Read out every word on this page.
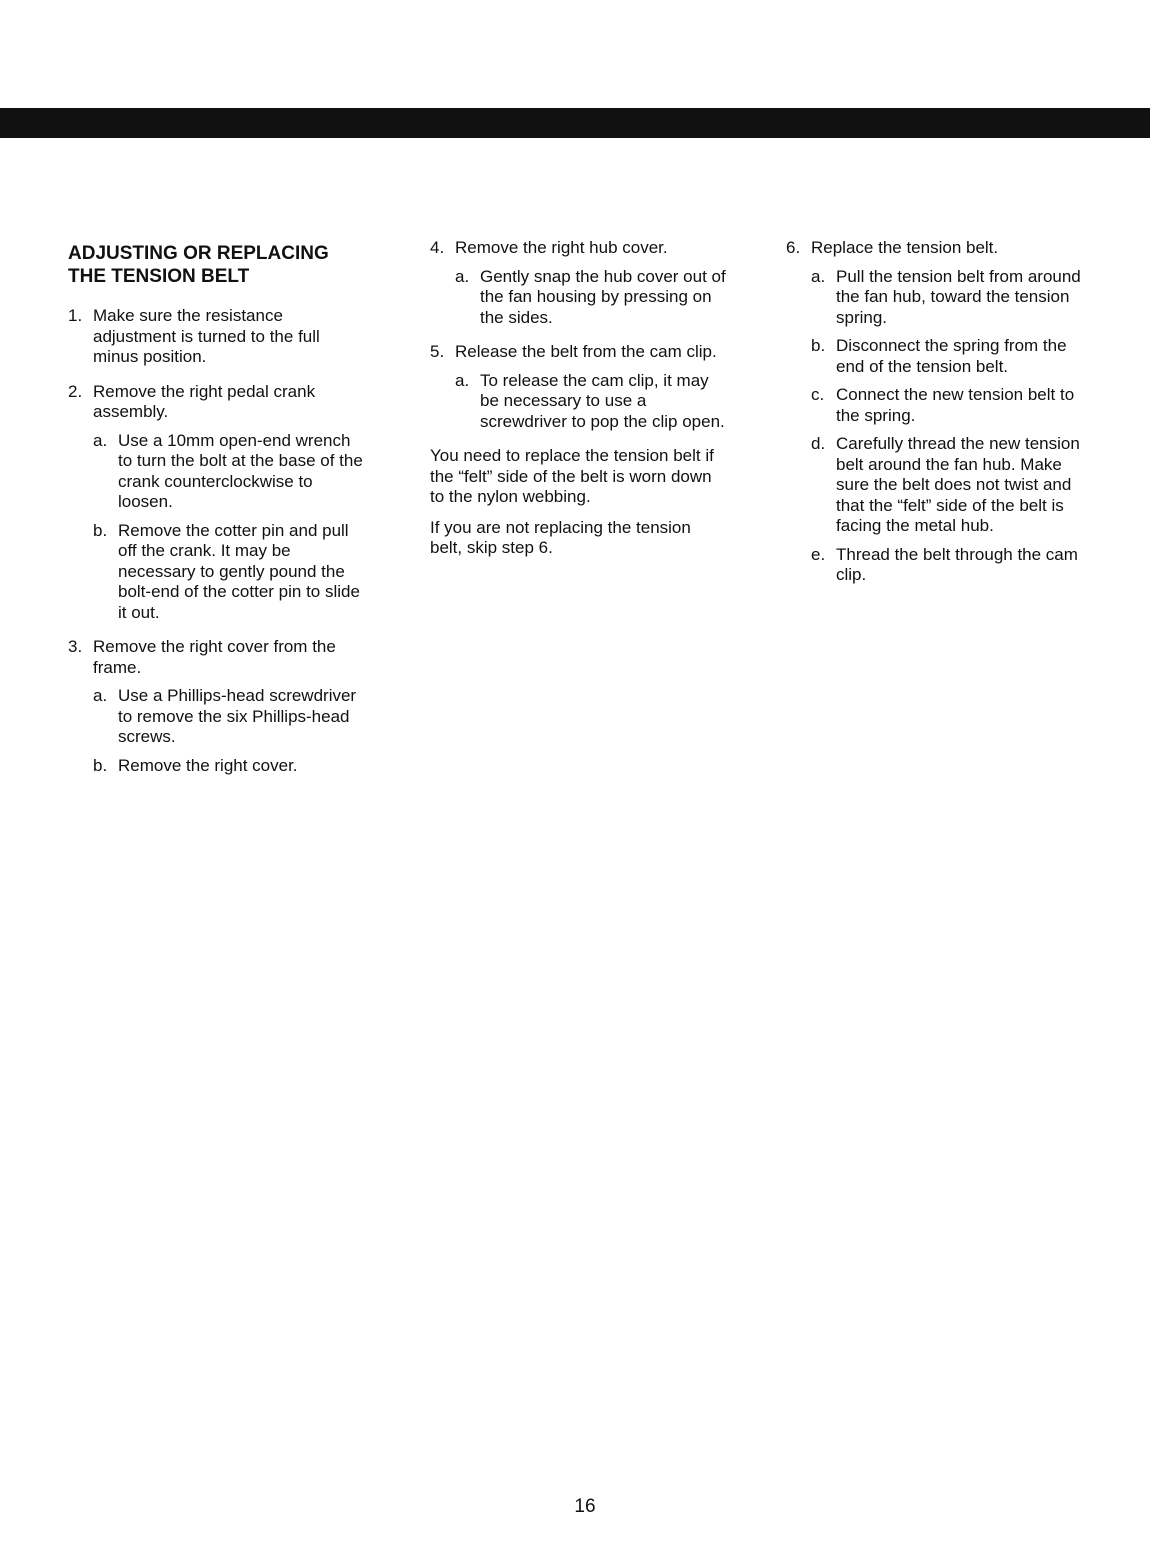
ADJUSTING OR REPLACING THE TENSION BELT
1. Make sure the resistance adjustment is turned to the full minus position.
2. Remove the right pedal crank assembly.
a. Use a 10mm open-end wrench to turn the bolt at the base of the crank counterclockwise to loosen.
b. Remove the cotter pin and pull off the crank. It may be necessary to gently pound the bolt-end of the cotter pin to slide it out.
3. Remove the right cover from the frame.
a. Use a Phillips-head screwdriver to remove the six Phillips-head screws.
b. Remove the right cover.
4. Remove the right hub cover.
a. Gently snap the hub cover out of the fan housing by pressing on the sides.
5. Release the belt from the cam clip.
a. To release the cam clip, it may be necessary to use a screwdriver to pop the clip open.

You need to replace the tension belt if the “felt” side of the belt is worn down to the nylon webbing.

If you are not replacing the tension belt, skip step 6.

6. Replace the tension belt.
a. Pull the tension belt from around the fan hub, toward the tension spring.
b. Disconnect the spring from the end of the tension belt.
c. Connect the new tension belt to the spring.
d. Carefully thread the new tension belt around the fan hub. Make sure the belt does not twist and that the “felt” side of the belt is facing the metal hub.
e. Thread the belt through the cam clip.
16
